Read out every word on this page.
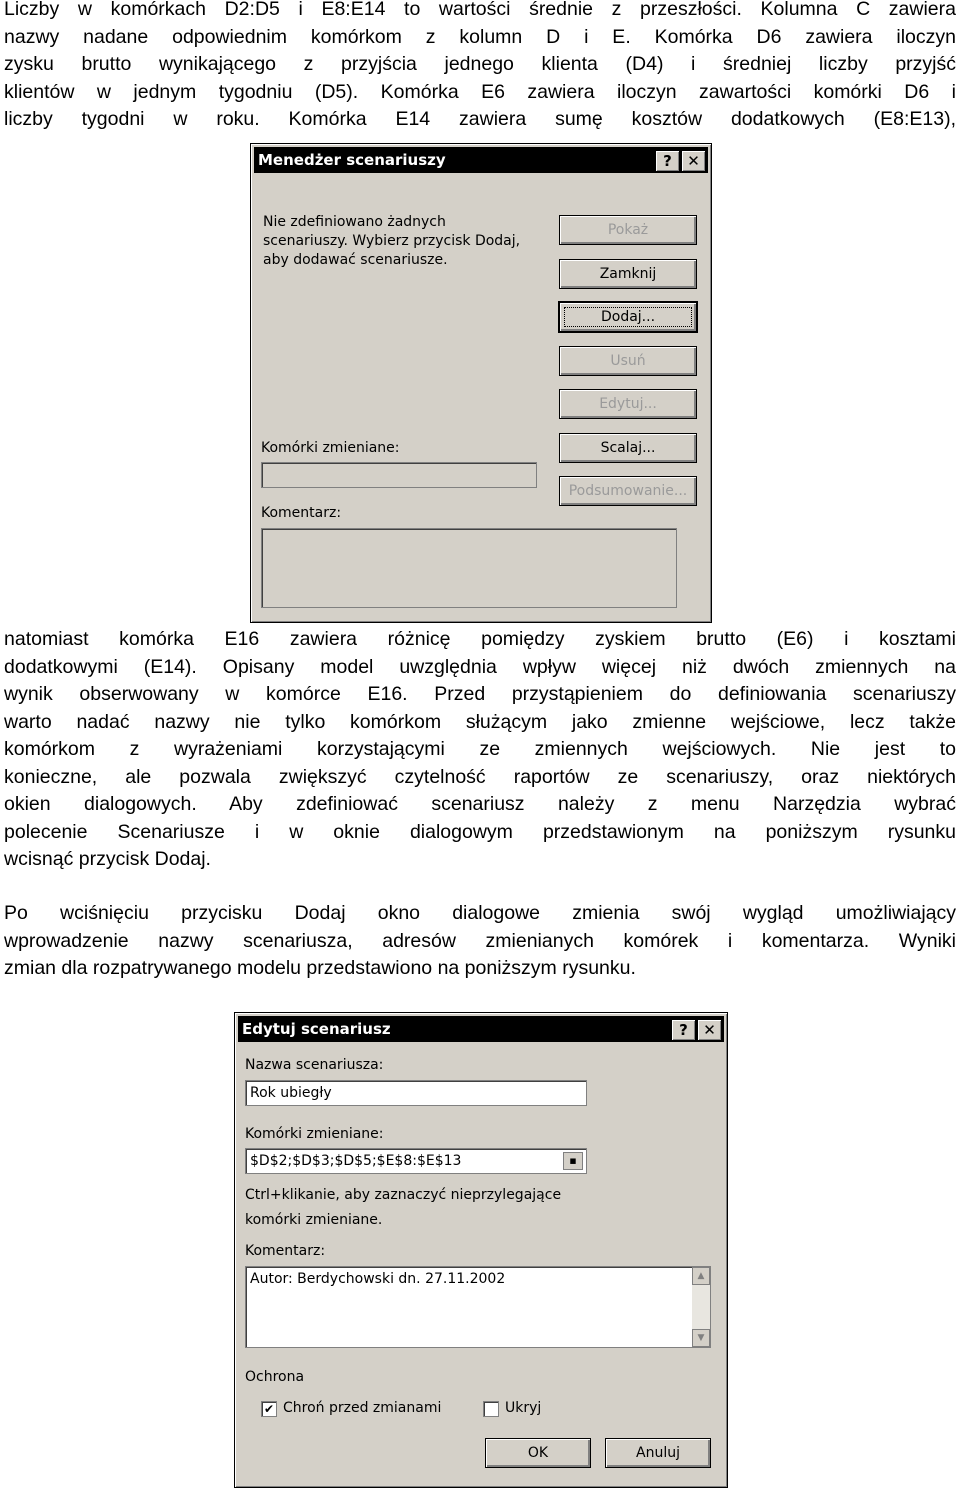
Liczby w komórkach D2:D5 i E8:E14 to wartości średnie z przeszłości. Kolumna C zawiera
nazwy nadane odpowiednim komórkom z kolumn D i E. Komórka D6 zawiera iloczyn
zysku brutto wynikającego z przyjścia jednego klienta (D4) i średniej liczby przyjść
klientów w jednym tygodniu (D5). Komórka E6 zawiera iloczyn zawartości komórki D6 i
liczby tygodni w roku. Komórka E14 zawiera sumę kosztów dodatkowych (E8:E13),
Menedżer scenariuszy	?	✕
Nie zdefiniowano żadnych
scenariuszy. Wybierz przycisk Dodaj,
aby dodawać scenariusze.
Pokaż
Zamknij
Dodaj...
Usuń
Edytuj...
Scalaj...
Podsumowanie...
Komórki zmieniane:
Komentarz:
natomiast komórka E16 zawiera różnicę pomiędzy zyskiem brutto (E6) i kosztami
dodatkowymi (E14). Opisany model uwzględnia wpływ więcej niż dwóch zmiennych na
wynik obserwowany w komórce E16. Przed przystąpieniem do definiowania scenariuszy
warto nadać nazwy nie tylko komórkom służącym jako zmienne wejściowe, lecz także
komórkom z wyrażeniami korzystającymi ze zmiennych wejściowych. Nie jest to
konieczne, ale pozwala zwiększyć czytelność raportów ze scenariuszy, oraz niektórych
okien dialogowych. Aby zdefiniować scenariusz należy z menu Narzędzia wybrać
polecenie Scenariusze i w oknie dialogowym przedstawionym na poniższym rysunku
wcisnąć przycisk Dodaj.
Po wciśnięciu przycisku Dodaj okno dialogowe zmienia swój wygląd umożliwiający
wprowadzenie nazwy scenariusza, adresów zmienianych komórek i komentarza. Wyniki
zmian dla rozpatrywanego modelu przedstawiono na poniższym rysunku.
Edytuj scenariusz	?	✕
Nazwa scenariusza:
Rok ubiegły
Komórki zmieniane:
$D$2;$D$3;$D$5;$E$8:$E$13	▪
Ctrl+klikanie, aby zaznaczyć nieprzylegające
komórki zmieniane.
Komentarz:
Autor: Berdychowski dn. 27.11.2002	▲
▼
Ochrona
✔ Chroń przed zmianami	Ukryj
OK	Anuluj
